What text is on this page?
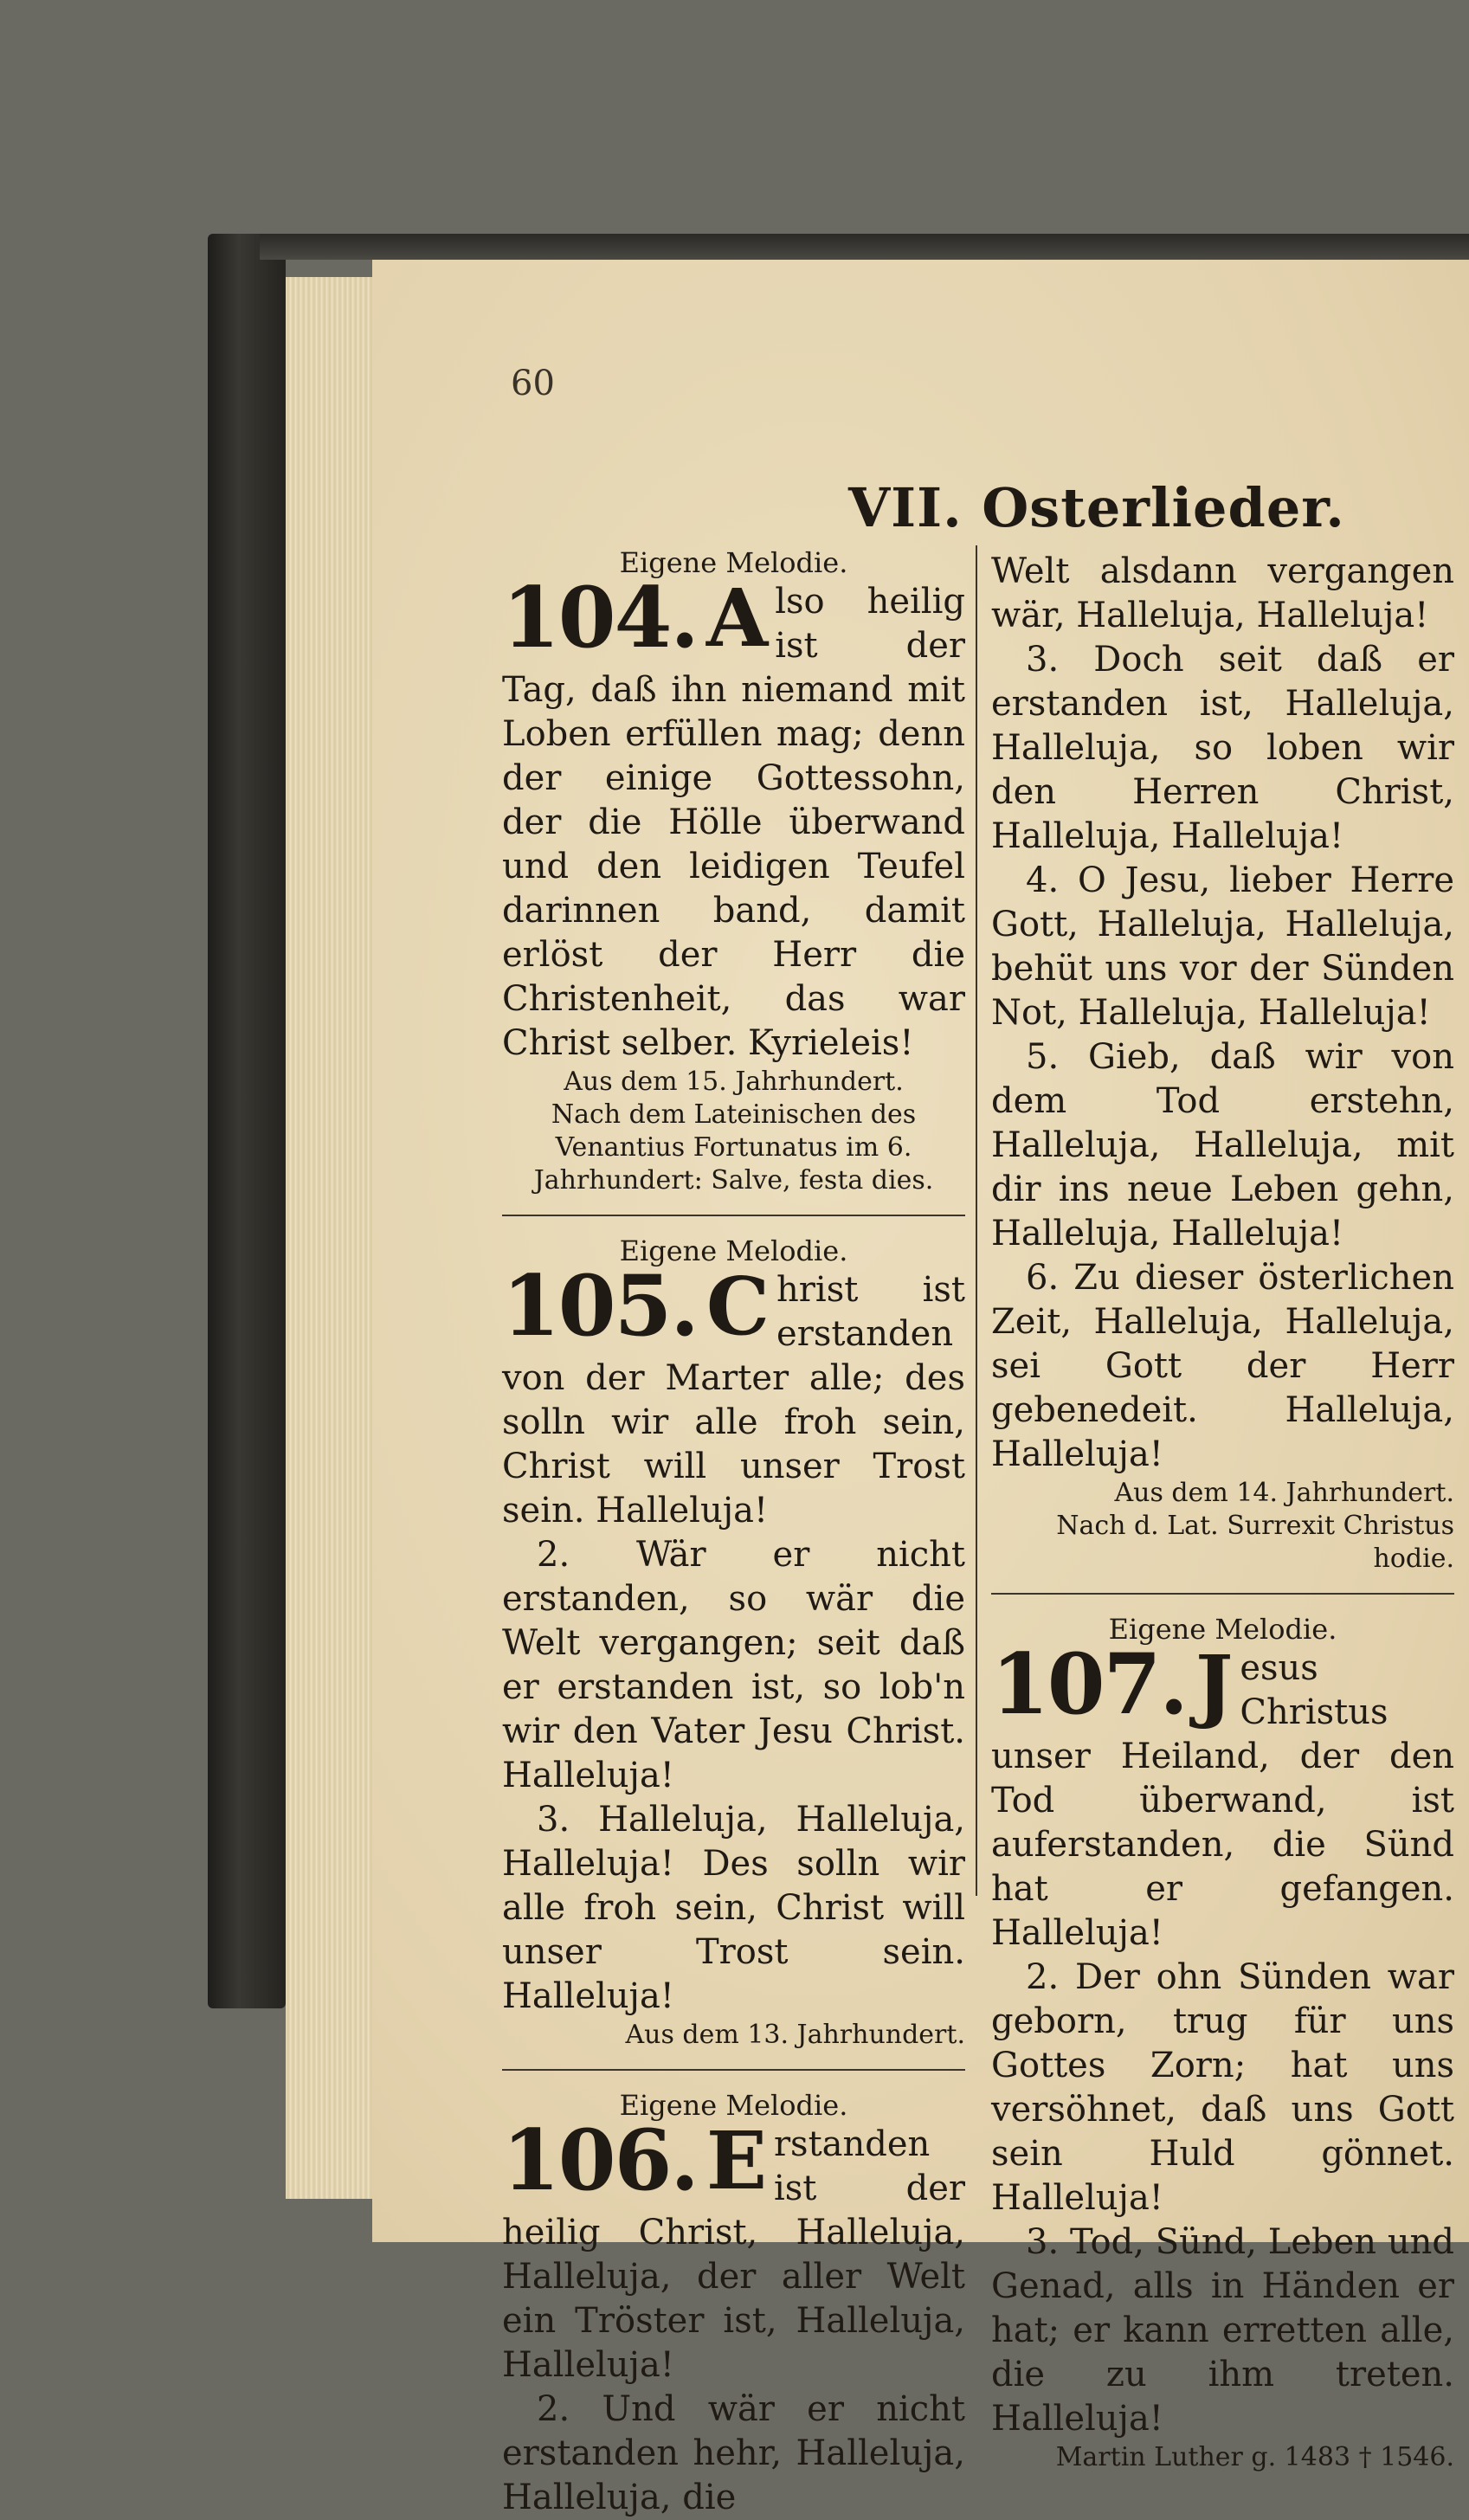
60
VII. Osterlieder.
Eigene Melodie.
104. A lso heilig ist der Tag, daß ihn niemand mit Loben erfüllen mag; denn der einige Gottessohn, der die Hölle überwand und den leidigen Teufel darinnen band, damit erlöst der Herr die Christenheit, das war Christ selber. Kyrieleis!
Aus dem 15. Jahrhundert.
Nach dem Lateinischen des Venantius Fortunatus im 6. Jahrhundert: Salve, festa dies.
Eigene Melodie.
105. C hrist ist erstanden von der Marter alle; des solln wir alle froh sein, Christ will unser Trost sein. Halleluja!
2. Wär er nicht erstanden, so wär die Welt vergangen; seit daß er erstanden ist, so lob'n wir den Vater Jesu Christ. Halleluja!
3. Halleluja, Halleluja, Halleluja! Des solln wir alle froh sein, Christ will unser Trost sein. Halleluja!
Aus dem 13. Jahrhundert.
Eigene Melodie.
106. E rstanden ist der heilig Christ, Halleluja, Halleluja, der aller Welt ein Tröster ist, Halleluja, Halleluja!
2. Und wär er nicht erstanden hehr, Halleluja, Halleluja, die
Welt alsdann vergangen wär, Halleluja, Halleluja!
3. Doch seit daß er erstanden ist, Halleluja, Halleluja, so loben wir den Herren Christ, Halleluja, Halleluja!
4. O Jesu, lieber Herre Gott, Halleluja, Halleluja, behüt uns vor der Sünden Not, Halleluja, Halleluja!
5. Gieb, daß wir von dem Tod erstehn, Halleluja, Halleluja, mit dir ins neue Leben gehn, Halleluja, Halleluja!
6. Zu dieser österlichen Zeit, Halleluja, Halleluja, sei Gott der Herr gebenedeit. Halleluja, Halleluja!
Aus dem 14. Jahrhundert.
Nach d. Lat. Surrexit Christus hodie.
Eigene Melodie.
107. J esus Christus unser Heiland, der den Tod überwand, ist auferstanden, die Sünd hat er gefangen. Halleluja!
2. Der ohn Sünden war geborn, trug für uns Gottes Zorn; hat uns versöhnet, daß uns Gott sein Huld gönnet. Halleluja!
3. Tod, Sünd, Leben und Genad, alls in Händen er hat; er kann erretten alle, die zu ihm treten. Halleluja!
Martin Luther g. 1483 † 1546.
